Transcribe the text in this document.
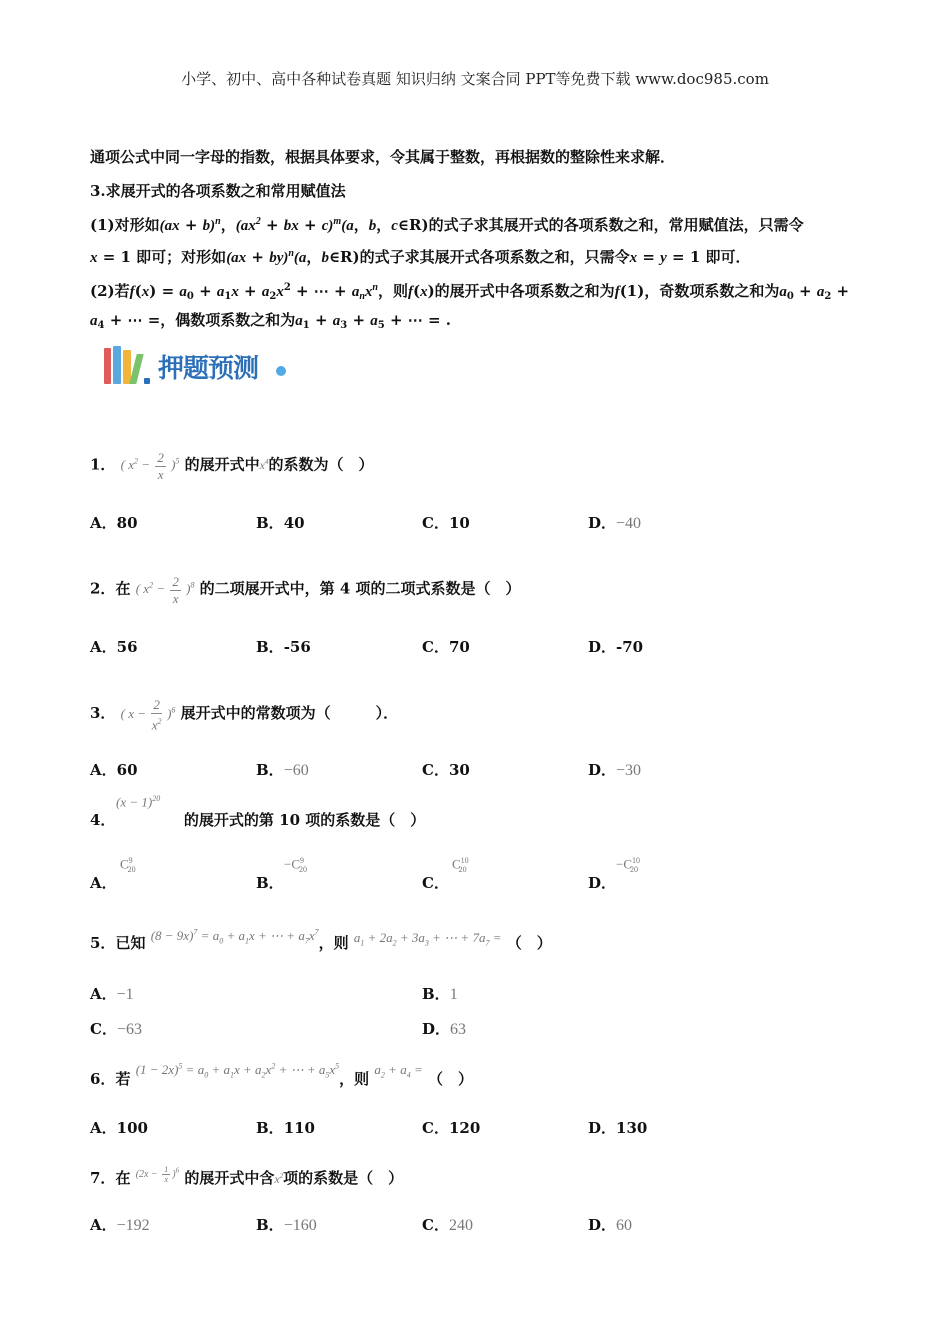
小学、初中、高中各种试卷真题 知识归纳 文案合同 PPT等免费下载 www.doc985.com
通项公式中同一字母的指数，根据具体要求，令其属于整数，再根据数的整除性来求解．
3.求展开式的各项系数之和常用赋值法
(1)对形如(ax + b)$^n$，($ax^2$ + bx + c)$^m$(a，b，c∈R)的式子求其展开式的各项系数之和，常用赋值法，只需令
x = 1 即可；对形如(ax + by)$^n$(a，b∈R)的式子求其展开式各项系数之和，只需令x = y = 1 即可．
(2)若$f(x) = a_0 + a_1x + a_2x^2$ + ⋯ + $a_nx^n$，则f(x)的展开式中各项系数之和为f(1)，奇数项系数之和为$a_0 + a_2$ +
$a_4$ + ⋯ =，偶数项系数之和为$a_1 + a_3 + a_5$ + ⋯ = .
押题预测
1． ( $x^2 - \frac{2}{x} )^5$ 的展开式中$x^4$的系数为（　）
A．80	B．40	C．10	D．−40
2．在 ( $x^2 - \frac{2}{x} )^8$ 的二项展开式中，第 4 项的二项式系数是（　）
A．56	B．-56	C．70	D．-70
3． ( $x - \frac{2}{x^2} )^6$ 展开式中的常数项为（　　　）．
A．60	B．−60	C．30	D．−30
$(x - 1)^{20}$
4．	的展开式的第 10 项的系数是（　）
A．
$C^9_{20}$
B．
$-C^9_{20}$
C．
$C^{10}_{20}$
D．
$-C^{10}_{20}$
5．已知 $(8 - 9x)^7 = a_0 + a_1x$ + ⋯ + $a_7x^7$，则 $a_1 + 2a_2 + 3a_3$ + ⋯ + $7a_7$ = （　）
A．−1	B．1
C．−63	D．63
6．若 $(1 - 2x)^5 = a_0 + a_1x + a_2x^2$ + ⋯ + $a_5x^5$，则 $a_2 + a_4$ = （　）
A．100	B．110	C．120	D．130
7．在 $^{(2x - \frac{1}{x} )^6}$ 的展开式中含$x^2$项的系数是（　）
A．−192	B．−160	C．240	D．60
